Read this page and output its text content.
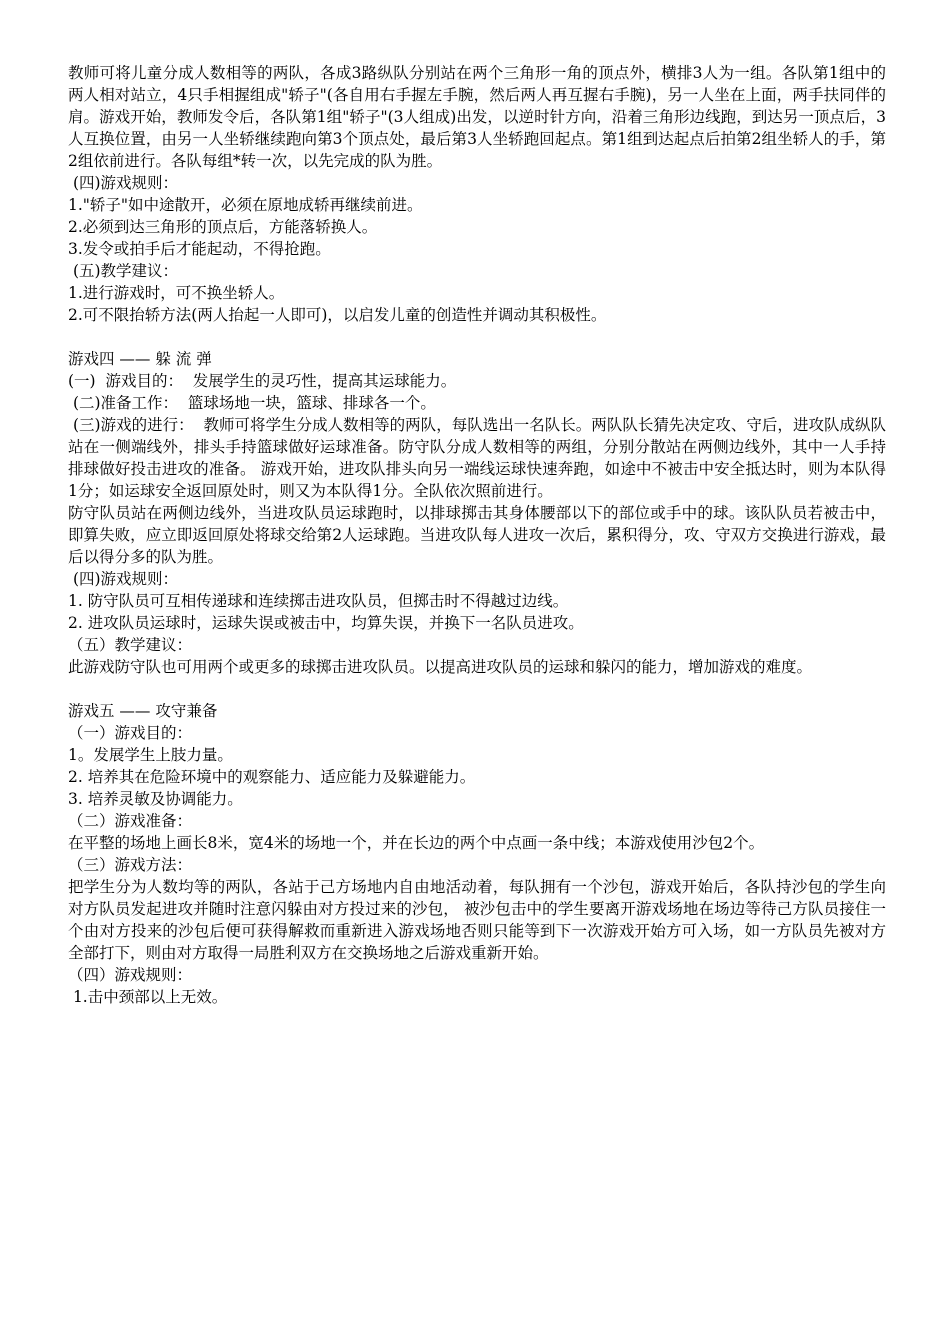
教师可将儿童分成人数相等的两队，各成3路纵队分别站在两个三角形一角的顶点外，横排3人为一组。各队第1组中的两人相对站立，4只手相握组成"轿子"(各自用右手握左手腕，然后两人再互握右手腕)，另一人坐在上面，两手扶同伴的肩。游戏开始，教师发令后，各队第1组"轿子"(3人组成)出发，以逆时针方向，沿着三角形边线跑，到达另一顶点后，3人互换位置，由另一人坐轿继续跑向第3个顶点处，最后第3人坐轿跑回起点。第1组到达起点后拍第2组坐轿人的手，第2组依前进行。各队每组*转一次，以先完成的队为胜。

(四)游戏规则：

1."轿子"如中途散开，必须在原地成轿再继续前进。

2.必须到达三角形的顶点后，方能落轿换人。

3.发令或拍手后才能起动，不得抢跑。

(五)教学建议：

1.进行游戏时，可不换坐轿人。

2.可不限抬轿方法(两人抬起一人即可)，以启发儿童的创造性并调动其积极性。

游戏四 —— 躲 流 弹

(一)  游戏目的：  发展学生的灵巧性，提高其运球能力。

(二)准备工作：  篮球场地一块，篮球、排球各一个。

(三)游戏的进行：  教师可将学生分成人数相等的两队，每队选出一名队长。两队队长猜先决定攻、守后，进攻队成纵队站在一侧端线外，排头手持篮球做好运球准备。防守队分成人数相等的两组，分别分散站在两侧边线外，其中一人手持排球做好投击进攻的准备。 游戏开始，进攻队排头向另一端线运球快速奔跑，如途中不被击中安全抵达时，则为本队得1分；如运球安全返回原处时，则又为本队得1分。全队依次照前进行。

防守队员站在两侧边线外，当进攻队员运球跑时，以排球掷击其身体腰部以下的部位或手中的球。该队队员若被击中，即算失败，应立即返回原处将球交给第2人运球跑。当进攻队每人进攻一次后，累积得分，攻、守双方交换进行游戏，最后以得分多的队为胜。

(四)游戏规则：

1. 防守队员可互相传递球和连续掷击进攻队员，但掷击时不得越过边线。

2. 进攻队员运球时，运球失误或被击中，均算失误，并换下一名队员进攻。

（五）教学建议：

此游戏防守队也可用两个或更多的球掷击进攻队员。以提高进攻队员的运球和躲闪的能力，增加游戏的难度。

游戏五 —— 攻守兼备

（一）游戏目的：

1。发展学生上肢力量。

2. 培养其在危险环境中的观察能力、适应能力及躲避能力。

3. 培养灵敏及协调能力。

（二）游戏准备：

在平整的场地上画长8米，宽4米的场地一个，并在长边的两个中点画一条中线；本游戏使用沙包2个。

（三）游戏方法：

把学生分为人数均等的两队，各站于己方场地内自由地活动着，每队拥有一个沙包，游戏开始后，各队持沙包的学生向对方队员发起进攻并随时注意闪躲由对方投过来的沙包， 被沙包击中的学生要离开游戏场地在场边等待己方队员接住一个由对方投来的沙包后便可获得解救而重新进入游戏场地否则只能等到下一次游戏开始方可入场，如一方队员先被对方全部打下，则由对方取得一局胜利双方在交换场地之后游戏重新开始。

（四）游戏规则：

1.击中颈部以上无效。
